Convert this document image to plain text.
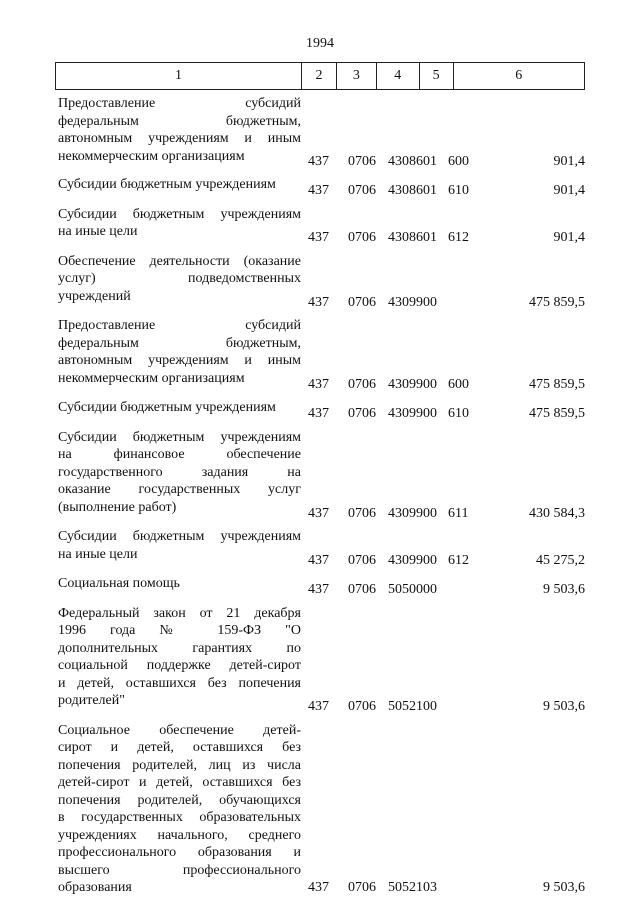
1994
1	2	3	4	5	6
Предоставление субсидий
федеральным бюджетным,
автономным учреждениям и иным
некоммерческим организациям	437 0706 4308601 600	901,4
Субсидии бюджетным учреждениям	437 0706 4308601 610	901,4
Субсидии бюджетным учреждениям
на иные цели	437 0706 4308601 612	901,4
Обеспечение деятельности (оказание
услуг) подведомственных
учреждений	437 0706 4309900	475 859,5
Предоставление субсидий
федеральным бюджетным,
автономным учреждениям и иным
некоммерческим организациям	437 0706 4309900 600	475 859,5
Субсидии бюджетным учреждениям	437 0706 4309900 610	475 859,5
Субсидии бюджетным учреждениям
на финансовое обеспечение
государственного задания на
оказание государственных услуг
(выполнение работ)	437 0706 4309900 611	430 584,3
Субсидии бюджетным учреждениям
на иные цели	437 0706 4309900 612	45 275,2
Социальная помощь	437 0706 5050000	9 503,6
Федеральный закон от 21 декабря
1996 года № 159-ФЗ "О
дополнительных гарантиях по
социальной поддержке детей-сирот
и детей, оставшихся без попечения
родителей"	437 0706 5052100	9 503,6
Социальное обеспечение детей-
сирот и детей, оставшихся без
попечения родителей, лиц из числа
детей-сирот и детей, оставшихся без
попечения родителей, обучающихся
в государственных образовательных
учреждениях начального, среднего
профессионального образования и
высшего профессионального
образования	437 0706 5052103	9 503,6
